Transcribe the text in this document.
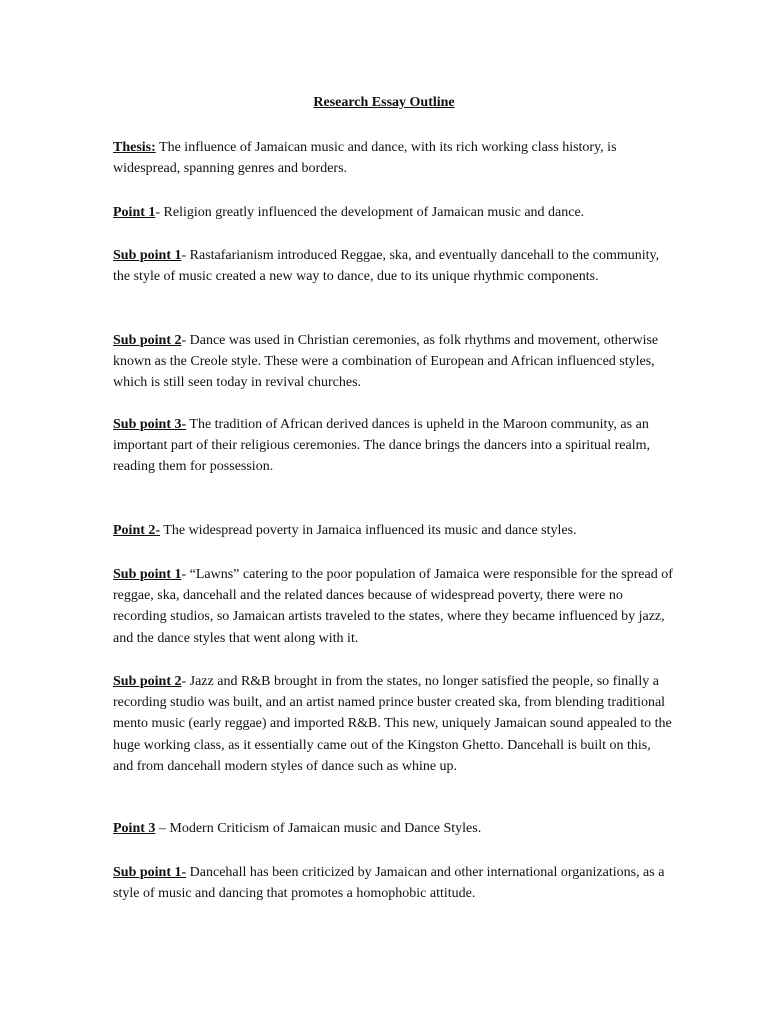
Research Essay Outline

Thesis: The influence of Jamaican music and dance, with its rich working class history, is widespread, spanning genres and borders.

Point 1- Religion greatly influenced the development of Jamaican music and dance.

Sub point 1- Rastafarianism introduced Reggae, ska, and eventually dancehall to the community, the style of music created a new way to dance, due to its unique rhythmic components.

Sub point 2- Dance was used in Christian ceremonies, as folk rhythms and movement, otherwise known as the Creole style. These were a combination of European and African influenced styles, which is still seen today in revival churches.

Sub point 3- The tradition of African derived dances is upheld in the Maroon community, as an important part of their religious ceremonies. The dance brings the dancers into a spiritual realm, reading them for possession.

Point 2- The widespread poverty in Jamaica influenced its music and dance styles.

Sub point 1- “Lawns” catering to the poor population of Jamaica were responsible for the spread of reggae, ska, dancehall and the related dances because of widespread poverty, there were no recording studios, so Jamaican artists traveled to the states, where they became influenced by jazz, and the dance styles that went along with it.

Sub point 2- Jazz and R&B brought in from the states, no longer satisfied the people, so finally a recording studio was built, and an artist named prince buster created ska, from blending traditional mento music (early reggae) and imported R&B. This new, uniquely Jamaican sound appealed to the huge working class, as it essentially came out of the Kingston Ghetto. Dancehall is built on this, and from dancehall modern styles of dance such as whine up.

Point 3 – Modern Criticism of Jamaican music and Dance Styles.

Sub point 1- Dancehall has been criticized by Jamaican and other international organizations, as a style of music and dancing that promotes a homophobic attitude.
